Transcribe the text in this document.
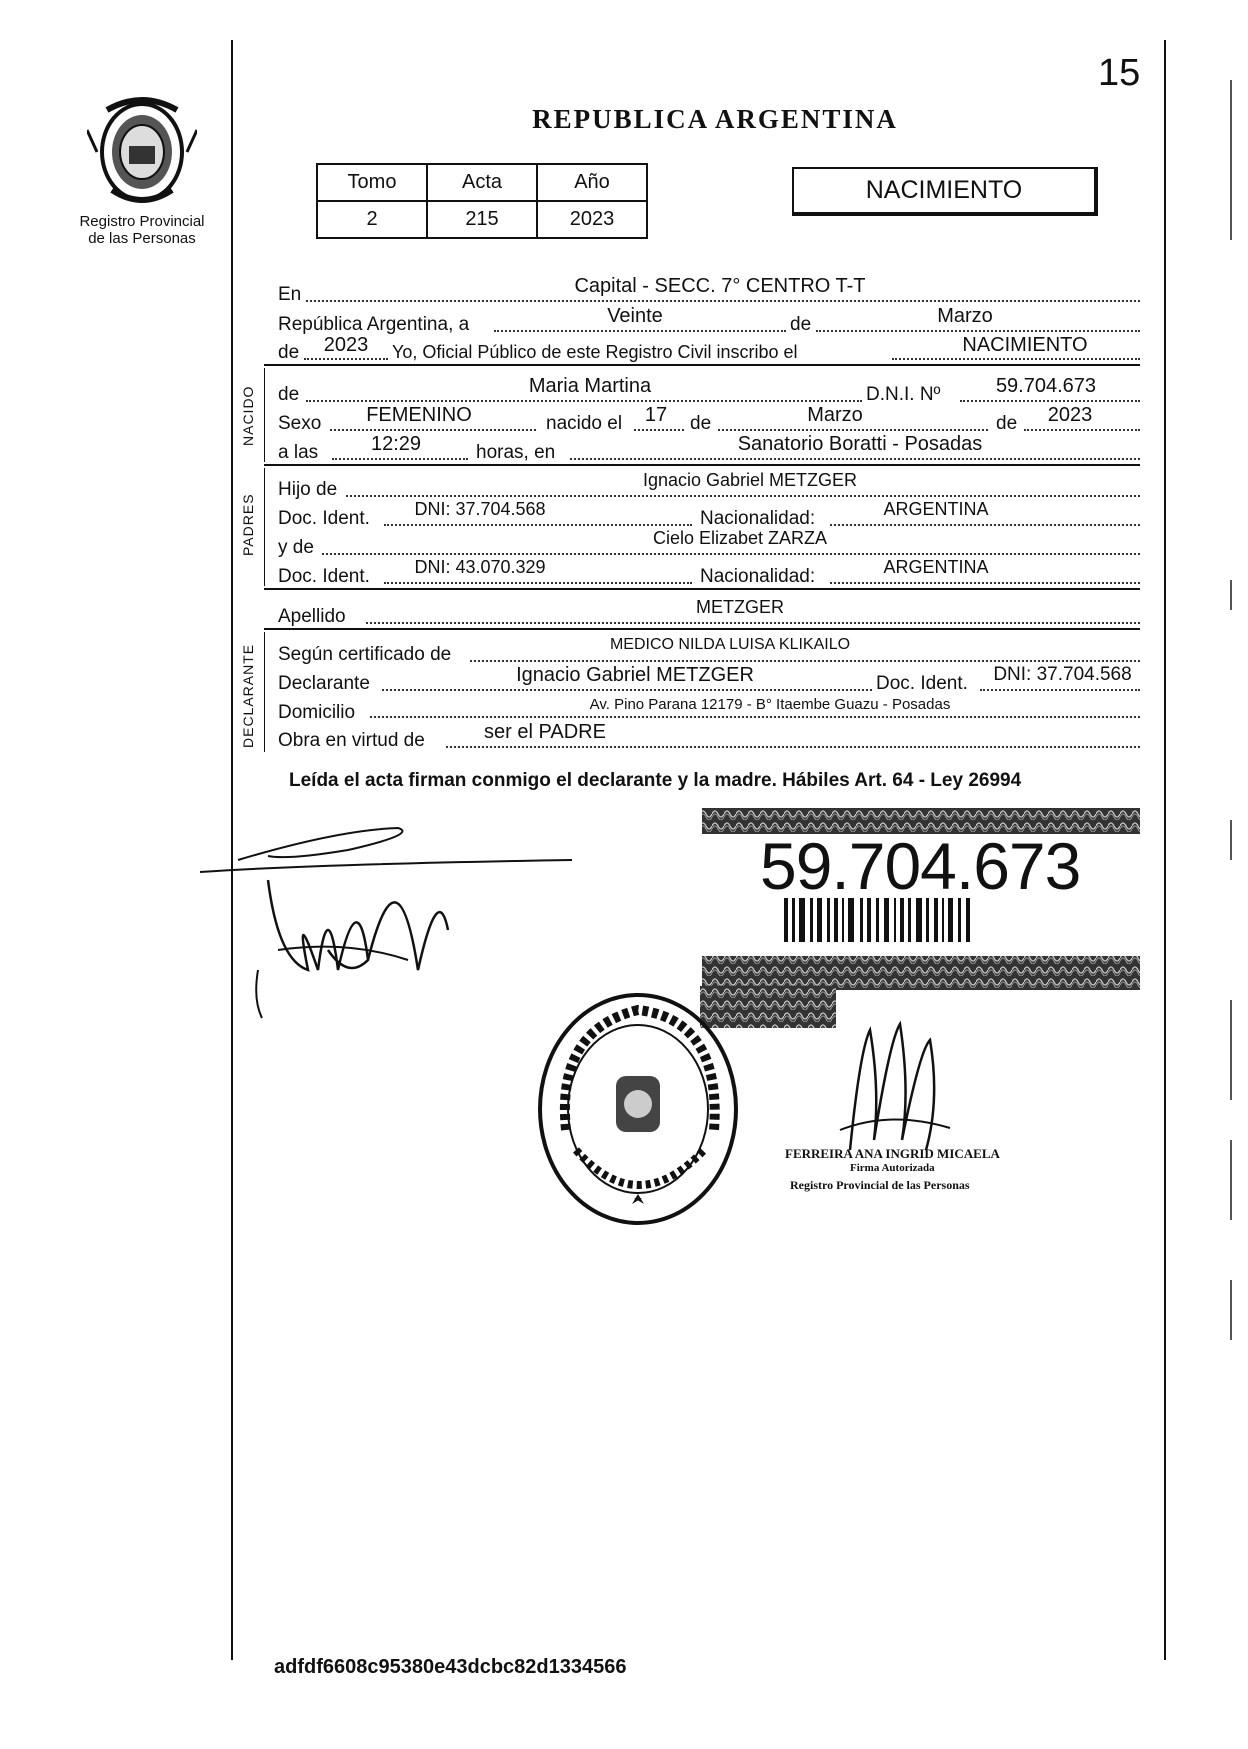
15
Registro Provincial
de las Personas
REPUBLICA ARGENTINA
Tomo	Acta	Año
2	215	2023
NACIMIENTO
En	Capital - SECC. 7° CENTRO T-T
República Argentina, a	Veinte	de	Marzo
de	2023	Yo, Oficial Público de este Registro Civil inscribo el	NACIMIENTO
NACIDO de	Maria Martina	D.N.I. Nº	59.704.673
Sexo	FEMENINO	nacido el	17	de	Marzo	de	2023
a las	12:29	horas, en	Sanatorio Boratti - Posadas
PADRES
Hijo de	Ignacio Gabriel METZGER
Doc. Ident.	DNI: 37.704.568	Nacionalidad:	ARGENTINA
y de	Cielo Elizabet ZARZA
Doc. Ident.	DNI: 43.070.329	Nacionalidad:	ARGENTINA
Apellido	METZGER
DECLARANTE Según certificado de	MEDICO NILDA LUISA KLIKAILO
Declarante	Ignacio Gabriel METZGER	Doc. Ident.	DNI: 37.704.568
Domicilio	Av. Pino Parana 12179 - B° Itaembe Guazu - Posadas
Obra en virtud de	ser el PADRE
Leída el acta firman conmigo el declarante y la madre. Hábiles Art. 64 - Ley 26994
59.704.673
FERREIRA ANA INGRID MICAELA
Firma Autorizada
Registro Provincial de las Personas
adfdf6608c95380e43dcbc82d1334566
